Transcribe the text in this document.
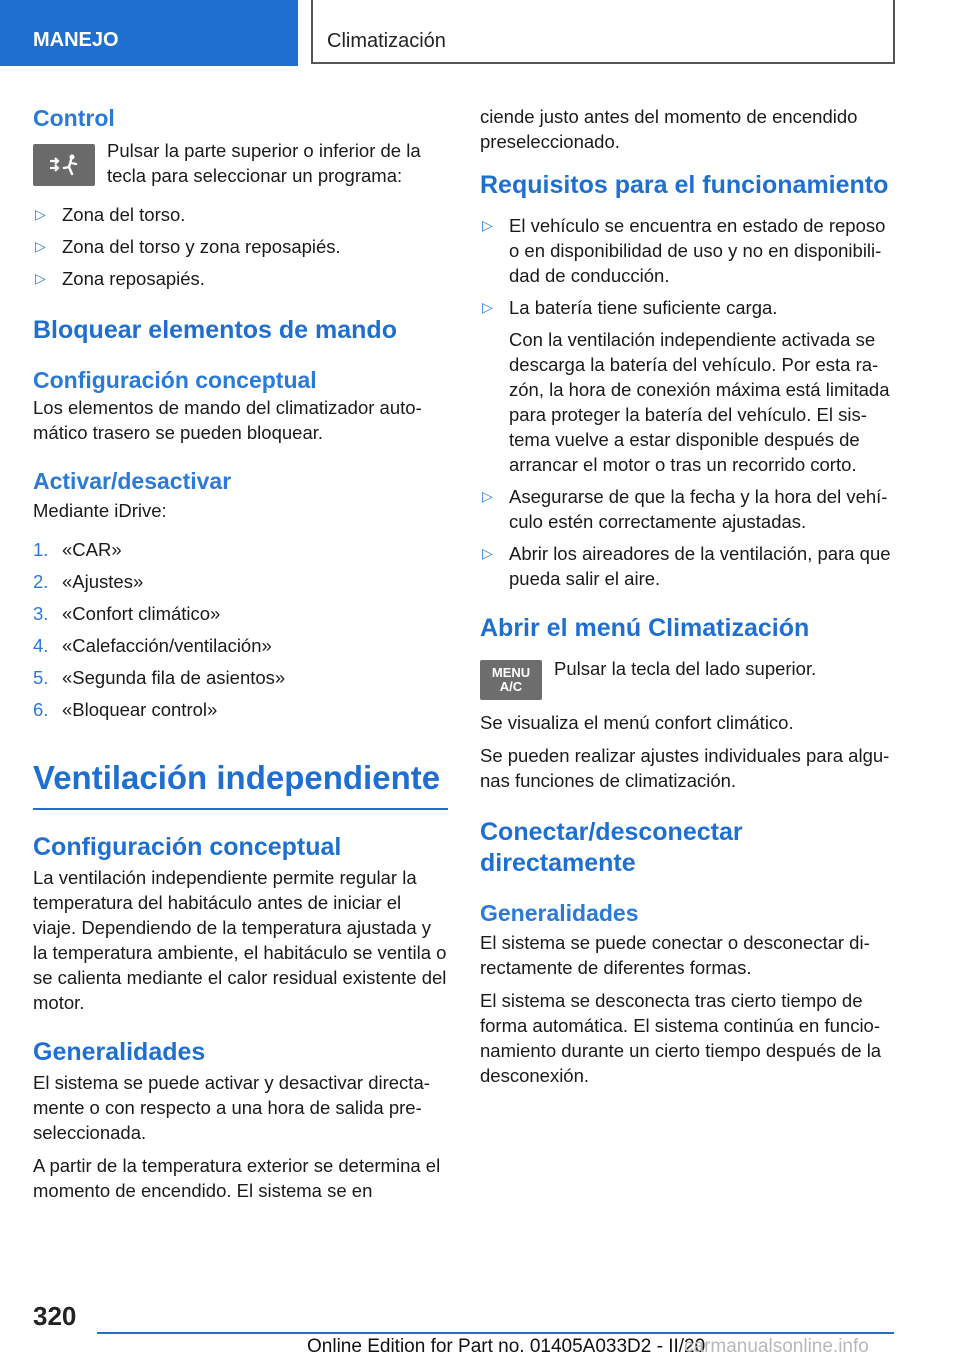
MANEJO	Climatización
Control

Pulsar la parte superior o inferior de la tecla para seleccionar un programa:

▷ Zona del torso.
▷ Zona del torso y zona reposapiés.
▷ Zona reposapiés.
Bloquear elementos de mando
Configuración conceptual

Los elementos de mando del climatizador automático trasero se pueden bloquear.

Activar/desactivar

Mediante iDrive:

1. «CAR»
2. «Ajustes»
3. «Confort climático»
4. «Calefacción/ventilación»
5. «Segunda fila de asientos»
6. «Bloquear control»
Ventilación independiente
Configuración conceptual

La ventilación independiente permite regular la temperatura del habitáculo antes de iniciar el viaje. Dependiendo de la temperatura ajustada y la temperatura ambiente, el habitáculo se ventila o se calienta mediante el calor residual existente del motor.

Generalidades

El sistema se puede activar y desactivar directamente o con respecto a una hora de salida preseleccionada.

A partir de la temperatura exterior se determina el momento de encendido. El sistema se en

ciende justo antes del momento de encendido preseleccionado.

Requisitos para el funcionamiento
▷ El vehículo se encuentra en estado de reposo o en disponibilidad de uso y no en disponibilidad de conducción.
▷ La batería tiene suficiente carga.

Con la ventilación independiente activada se descarga la batería del vehículo. Por esta razón, la hora de conexión máxima está limitada para proteger la batería del vehículo. El sistema vuelve a estar disponible después de arrancar el motor o tras un recorrido corto.

▷ Asegurarse de que la fecha y la hora del vehículo estén correctamente ajustadas.
▷ Abrir los aireadores de la ventilación, para que pueda salir el aire.
Abrir el menú Climatización
MENU
A/C

Pulsar la tecla del lado superior.

Se visualiza el menú confort climático.

Se pueden realizar ajustes individuales para algunas funciones de climatización.

Conectar/desconectar directamente
Generalidades

El sistema se puede conectar o desconectar directamente de diferentes formas.

El sistema se desconecta tras cierto tiempo de forma automática. El sistema continúa en funcionamiento durante un cierto tiempo después de la desconexión.

320
Online Edition for Part no. 01405A033D2 - II/20
carmanualsonline.info
